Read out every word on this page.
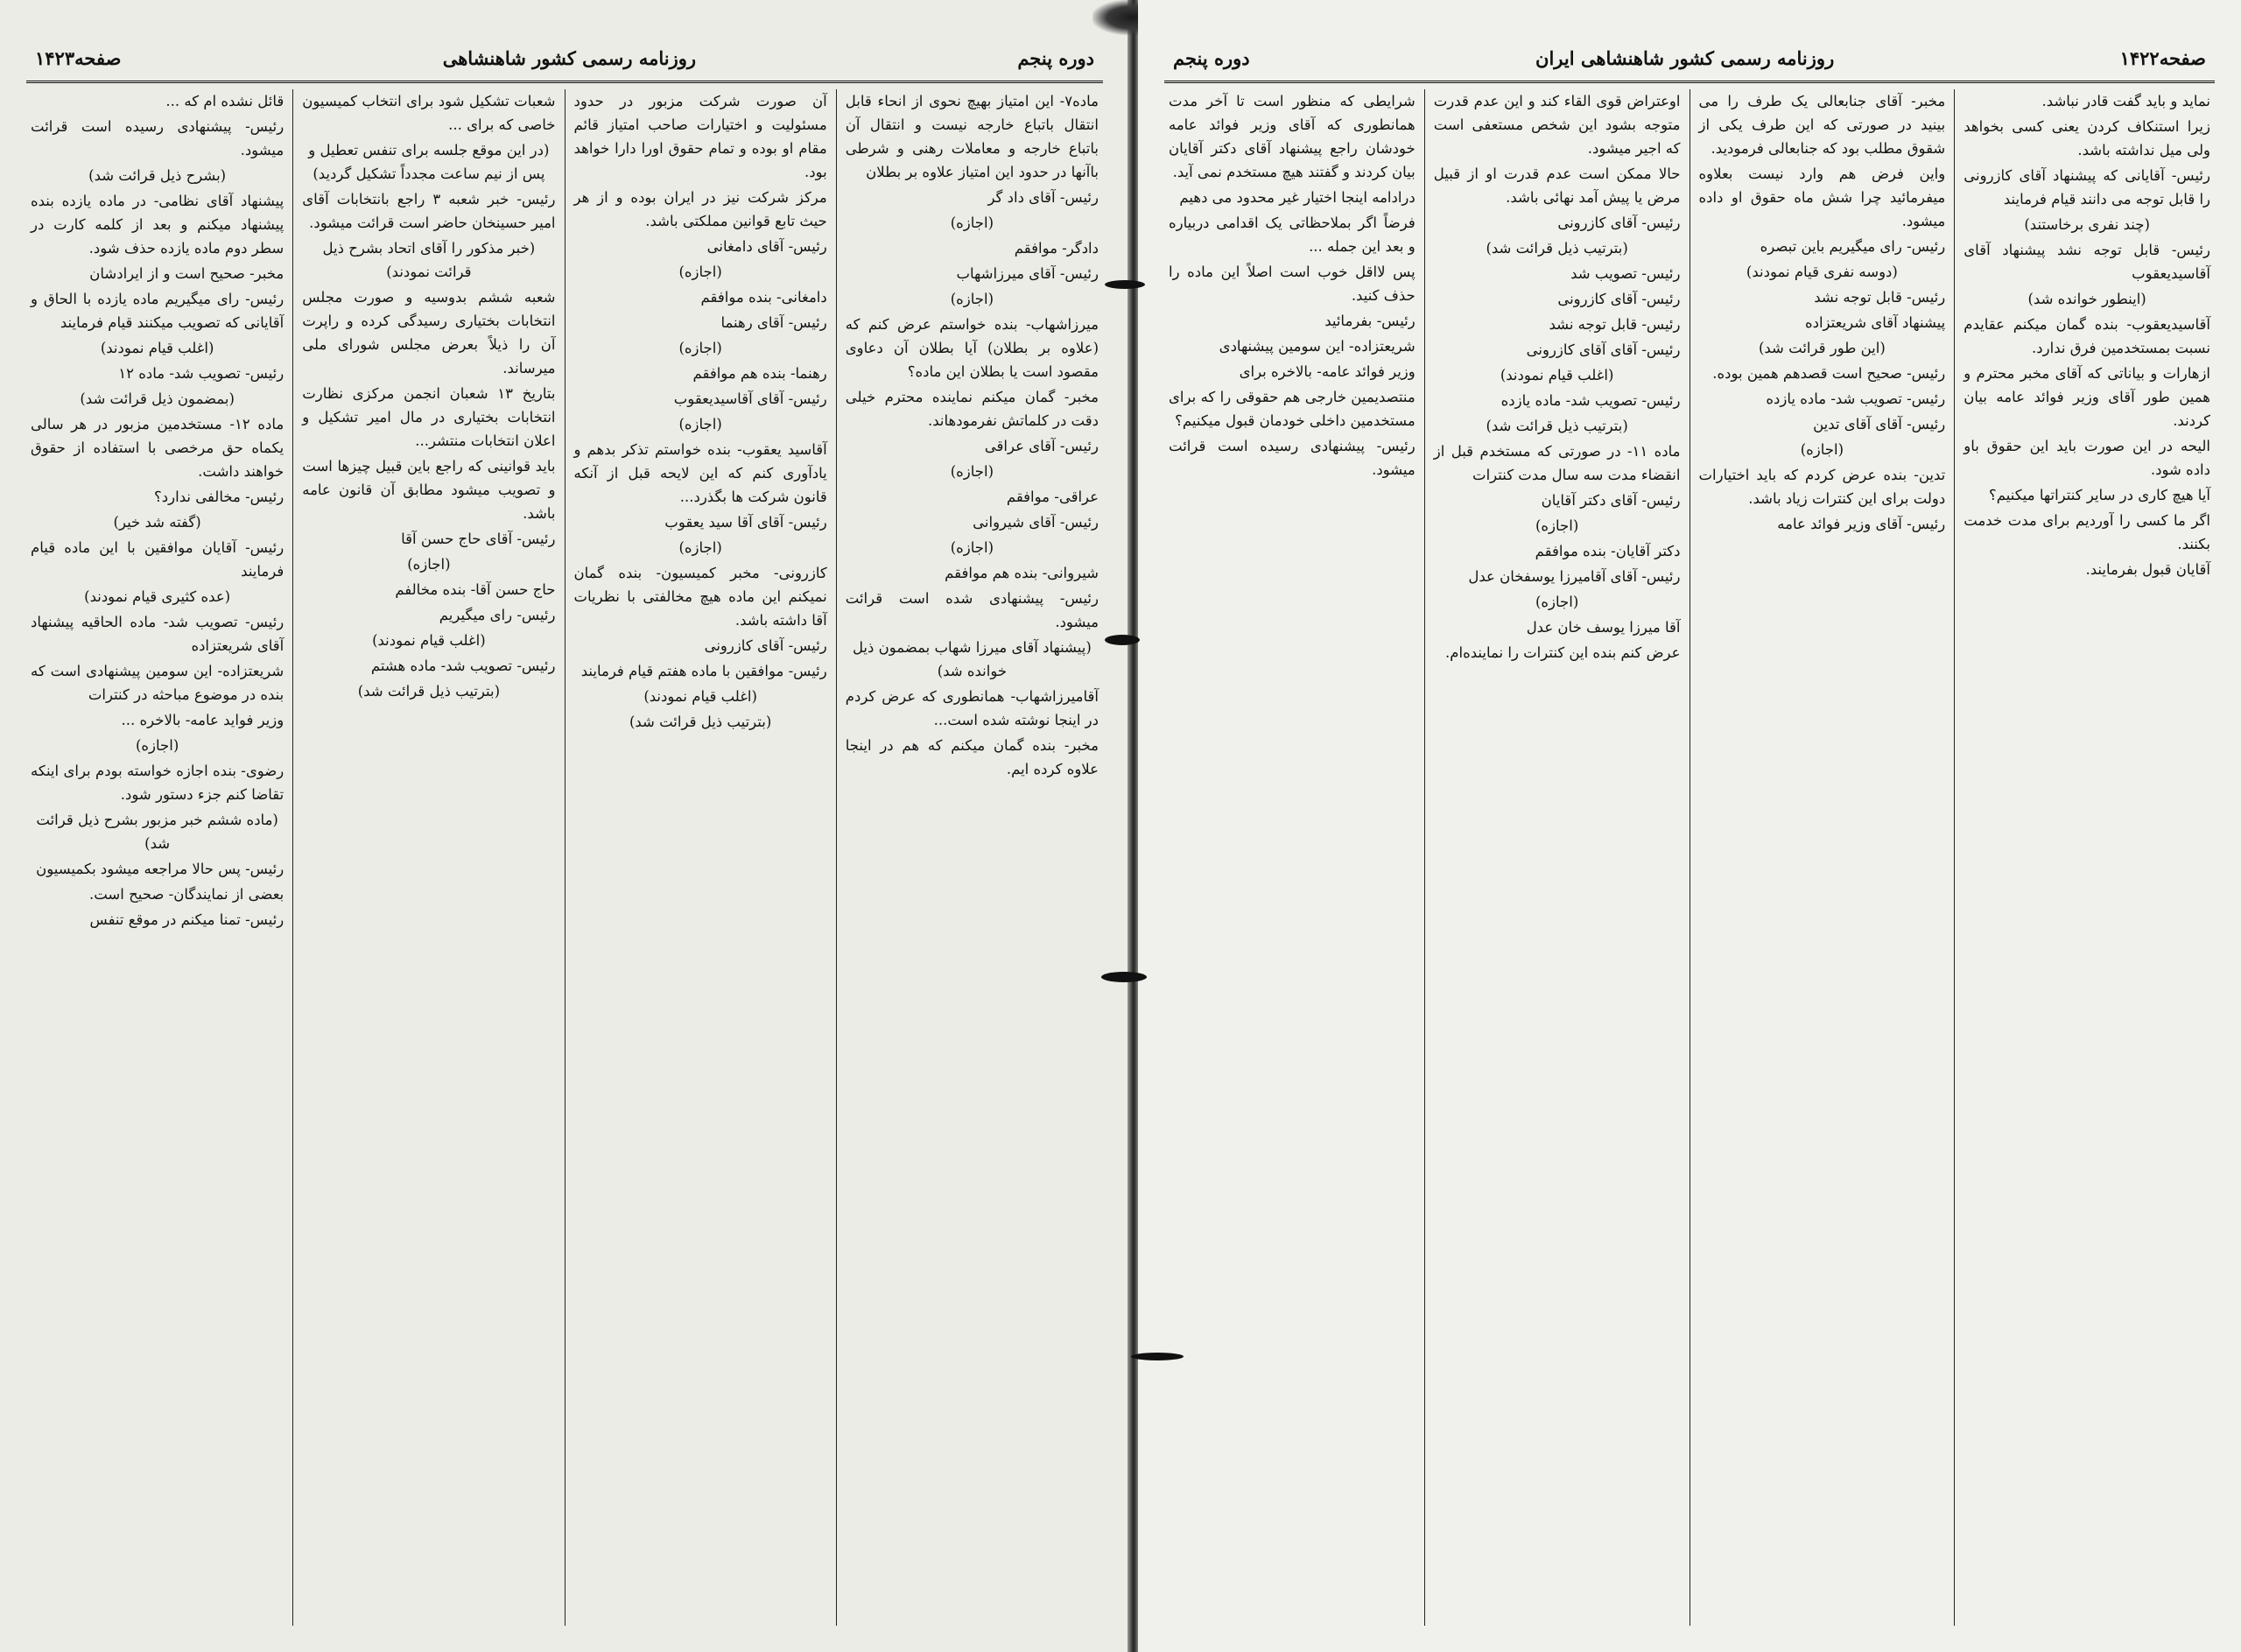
دوره پنجم
روزنامه رسمی کشور شاهنشاهی
صفحه۱۴۲۳

ماده۷- این امتیاز بهیچ نحوی از انحاء قابل انتقال باتباع خارجه نیست و انتقال آن باتباع خارجه و معاملات رهنی و شرطی باآنها در حدود این امتیاز علاوه بر بطلان

رئیس- آقای داد گر

(اجازه)

دادگر- موافقم

رئیس- آقای میرزاشهاب

(اجازه)

میرزاشهاب- بنده خواستم عرض کنم که (علاوه بر بطلان) آیا بطلان آن دعاوی مقصود است یا بطلان این ماده؟

مخبر- گمان میکنم نماینده محترم خیلی دقت در کلماتش نفرمودهاند.

رئیس- آقای عراقی

(اجازه)

عراقی- موافقم

رئیس- آقای شیروانی

(اجازه)

شیروانی- بنده هم موافقم

رئیس- پیشنهادی شده است قرائت میشود.

(پیشنهاد آقای میرزا شهاب بمضمون ذیل خوانده شد)

آقامیرزاشهاب- همانطوری که عرض کردم در اینجا نوشته شده است...

مخبر- بنده گمان میکنم که هم در اینجا علاوه کرده ایم.

آن صورت شرکت مزبور در حدود مسئولیت و اختیارات صاحب امتیاز قائم مقام او بوده و تمام حقوق اورا دارا خواهد بود.

مرکز شرکت نیز در ایران بوده و از هر حیث تابع قوانین مملکتی باشد.

رئیس- آقای دامغانی

(اجازه)

دامغانی- بنده موافقم

رئیس- آقای رهنما

(اجازه)

رهنما- بنده هم موافقم

رئیس- آقای آقاسیدیعقوب

(اجازه)

آقاسید یعقوب- بنده خواستم تذکر بدهم و یادآوری کنم که این لایحه قبل از آنکه قانون شرکت ها بگذرد...

رئیس- آقای آقا سید یعقوب

(اجازه)

کازرونی- مخبر کمیسیون- بنده گمان نمیکنم این ماده هیچ مخالفتی با نظریات آقا داشته باشد.

رئیس- آقای کازرونی

رئیس- موافقین با ماده هفتم قیام فرمایند

(اغلب قیام نمودند)

(بترتیب ذیل قرائت شد)

شعبات تشکیل شود برای انتخاب کمیسیون خاصی که برای ...

(در این موقع جلسه برای تنفس تعطیل و پس از نیم ساعت مجدداً تشکیل گردید)

رئیس- خبر شعبه ۳ راجع بانتخابات آقای امیر حسینخان حاضر است قرائت میشود.

(خبر مذکور را آقای اتحاد بشرح ذیل قرائت نمودند)

شعبه ششم بدوسیه و صورت مجلس انتخابات بختیاری رسیدگی کرده و راپرت آن را ذیلاً بعرض مجلس شورای ملی میرساند.

بتاریخ ۱۳ شعبان انجمن مرکزی نظارت انتخابات بختیاری در مال امیر تشکیل و اعلان انتخابات منتشر...

باید قوانینی که راجع باین قبیل چیزها است و تصویب میشود مطابق آن قانون عامه باشد.

رئیس- آقای حاج حسن آقا

(اجازه)

حاج حسن آقا- بنده مخالفم

رئیس- رای میگیریم

(اغلب قیام نمودند)

رئیس- تصویب شد- ماده هشتم

(بترتیب ذیل قرائت شد)

قائل نشده ام که ...

رئیس- پیشنهادی رسیده است قرائت میشود.

(بشرح ذیل قرائت شد)

پیشنهاد آقای نظامی- در ماده یازده بنده پیشنهاد میکنم و بعد از کلمه کارت در سطر دوم ماده یازده حذف شود.

مخبر- صحیح است و از ایرادشان

رئیس- رای میگیریم ماده یازده با الحاق و آقایانی که تصویب میکنند قیام فرمایند

(اغلب قیام نمودند)

رئیس- تصویب شد- ماده ۱۲

(بمضمون ذیل قرائت شد)

ماده ۱۲- مستخدمین مزبور در هر سالی یکماه حق مرخصی با استفاده از حقوق خواهند داشت.

رئیس- مخالفی ندارد؟

(گفته شد خیر)

رئیس- آقایان موافقین با این ماده قیام فرمایند

(عده کثیری قیام نمودند)

رئیس- تصویب شد- ماده الحاقیه پیشنهاد آقای شریعتزاده

شریعتزاده- این سومین پیشنهادی است که بنده در موضوع مباحثه در کنترات

وزیر فواید عامه- بالاخره ...

(اجازه)

رضوی- بنده اجازه خواسته بودم برای اینکه تقاضا کنم جزء دستور شود.

(ماده ششم خبر مزبور بشرح ذیل قرائت شد)

رئیس- پس حالا مراجعه میشود بکمیسیون

بعضی از نمایندگان- صحیح است.

رئیس- تمنا میکنم در موقع تنفس

صفحه۱۴۲۲
روزنامه رسمی کشور شاهنشاهی ایران
دوره پنجم

نماید و باید گفت قادر نباشد.

زیرا استنکاف کردن یعنی کسی بخواهد ولی میل نداشته باشد.

رئیس- آقایانی که پیشنهاد آقای کازرونی را قابل توجه می دانند قیام فرمایند

(چند نفری برخاستند)

رئیس- قابل توجه نشد پیشنهاد آقای آقاسیدیعقوب

(اینطور خوانده شد)

آقاسیدیعقوب- بنده گمان میکنم عقایدم نسبت بمستخدمین فرق ندارد.

ازهارات و بیاناتی که آقای مخبر محترم و همین طور آقای وزیر فوائد عامه بیان کردند.

الیحه در این صورت باید این حقوق باو داده شود.

آیا هیچ کاری در سایر کنتراتها میکنیم؟

اگر ما کسی را آوردیم برای مدت خدمت بکنند.

آقایان قبول بفرمایند.

مخبر- آقای جنابعالی یک طرف را می بینید در صورتی که این طرف یکی از شقوق مطلب بود که جنابعالی فرمودید.

واین فرض هم وارد نیست بعلاوه میفرمائید چرا شش ماه حقوق او داده میشود.

رئیس- رای میگیریم باین تبصره

(دوسه نفری قیام نمودند)

رئیس- قابل توجه نشد

پیشنهاد آقای شریعتزاده

(این طور قرائت شد)

رئیس- صحیح است قصدهم همین بوده.

رئیس- تصویب شد- ماده یازده

رئیس- آقای آقای تدین

(اجازه)

تدین- بنده عرض کردم که باید اختیارات دولت برای این کنترات زیاد باشد.

رئیس- آقای وزیر فوائد عامه

اوعتراض قوی القاء کند و این عدم قدرت متوجه بشود این شخص مستعفی است که اجیر میشود.

حالا ممکن است عدم قدرت او از قبیل مرض یا پیش آمد نهائی باشد.

رئیس- آقای کازرونی

(بترتیب ذیل قرائت شد)

رئیس- تصویب شد

رئیس- آقای کازرونی

رئیس- قابل توجه نشد

رئیس- آقای آقای کازرونی

(اغلب قیام نمودند)

رئیس- تصویب شد- ماده یازده

(بترتیب ذیل قرائت شد)

ماده ۱۱- در صورتی که مستخدم قبل از انقضاء مدت سه سال مدت کنترات

رئیس- آقای دکتر آقایان

(اجازه)

دکتر آقایان- بنده موافقم

رئیس- آقای آقامیرزا یوسفخان عدل

(اجازه)

آقا میرزا یوسف خان عدل

عرض کنم بنده این کنترات را نماینده‌ام.

شرایطی که منظور است تا آخر مدت همانطوری که آقای وزیر فوائد عامه خودشان راجع پیشنهاد آقای دکتر آقایان بیان کردند و گفتند هیچ مستخدم نمی آید.

درادامه اینجا اختیار غیر محدود می دهیم

فرضاً اگر بملاحظاتی یک اقدامی دربیاره و بعد این جمله ...

پس لااقل خوب است اصلاً این ماده را حذف کنید.

رئیس- بفرمائید

شریعتزاده- این سومین پیشنهادی

وزیر فوائد عامه- بالاخره برای

منتصدیمین خارجی هم حقوقی را که برای مستخدمین داخلی خودمان قبول میکنیم؟

رئیس- پیشنهادی رسیده است قرائت میشود.
